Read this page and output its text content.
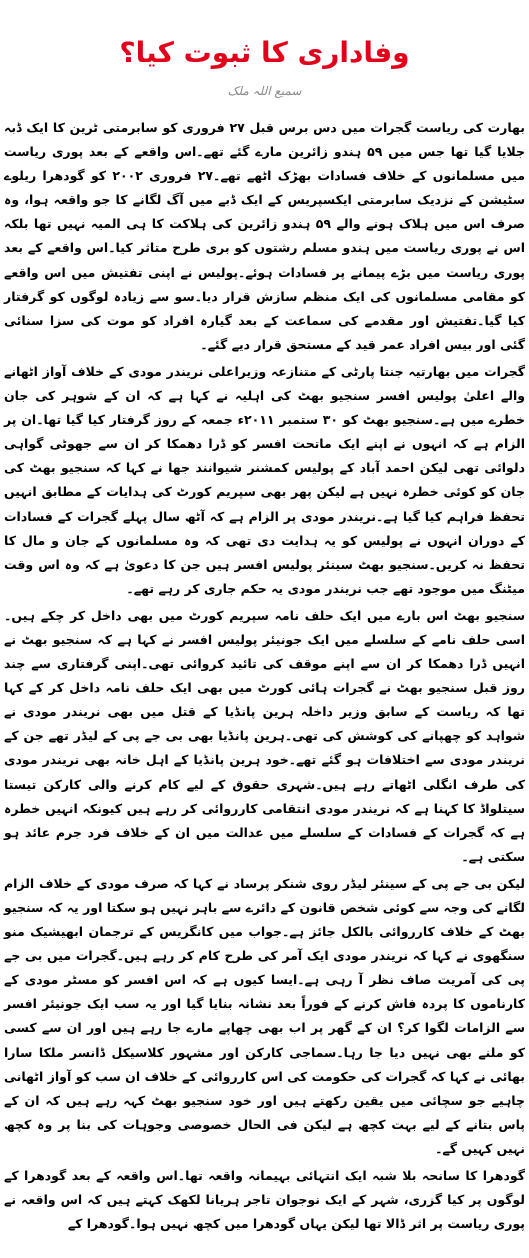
وفاداری کا ثبوت کیا؟
سمیع اللہ ملک

بھارت کی ریاست گجرات میں دس برس قبل ۲۷ فروری کو سابرمتی ٹرین کا ایک ڈبہ جلایا گیا تھا جس میں ۵۹ ہندو زائرین مارے گئے تھے۔اس واقعے کے بعد پوری ریاست میں مسلمانوں کے خلاف فسادات بھڑک اٹھے تھے۔۲۷ فروری ۲۰۰۲ کو گودھرا ریلوے سٹیشن کے نزدیک سابرمتی ایکسپریس کے ایک ڈبے میں آگ لگانے کا جو واقعہ ہوا، وہ صرف اس میں ہلاک ہونے والے ۵۹ ہندو زائرین کی ہلاکت کا ہی المیہ نہیں تھا بلکہ اس نے پوری ریاست میں ہندو مسلم رشتوں کو بری طرح متاثر کیا۔اس واقعے کے بعد پوری ریاست میں بڑے پیمانے پر فسادات ہوئے۔پولیس نے اپنی تفتیش میں اس واقعے کو مقامی مسلمانوں کی ایک منظم سازش قرار دیا۔سو سے زیادہ لوگوں کو گرفتار کیا گیا۔تفتیش اور مقدمے کی سماعت کے بعد گیارہ افراد کو موت کی سزا سنائی گئی اور بیس افراد عمر قید کے مستحق قرار دیے گئے۔

گجرات میں بھارتیہ جنتا پارٹی کے متنازعہ وزیراعلی نریندر مودی کے خلاف آواز اٹھانے والے اعلیٰ پولیس افسر سنجیو بھٹ کی اہلیہ نے کہا ہے کہ ان کے شوہر کی جان خطرے میں ہے۔سنجیو بھٹ کو ۳۰ ستمبر ۲۰۱۱ء جمعہ کے روز گرفتار کیا گیا تھا۔ان پر الزام ہے کہ انہوں نے اپنے ایک ماتحت افسر کو ڈرا دھمکا کر ان سے جھوٹی گواہی دلوائی تھی لیکن احمد آباد کے پولیس کمشنر شیوانند جھا نے کہا کہ سنجیو بھٹ کی جان کو کوئی خطرہ نہیں ہے لیکن پھر بھی سپریم کورٹ کی ہدایات کے مطابق انہیں تحفظ فراہم کیا گیا ہے۔نریندر مودی پر الزام ہے کہ آٹھ سال پہلے گجرات کے فسادات کے دوران انہوں نے پولیس کو یہ ہدایت دی تھی کہ وہ مسلمانوں کے جان و مال کا تحفظ نہ کریں۔سنجیو بھٹ سینئر پولیس افسر ہیں جن کا دعویٰ ہے کہ وہ اس وقت میٹنگ میں موجود تھے جب نریندر مودی یہ حکم جاری کر رہے تھے۔

سنجیو بھٹ اس بارے میں ایک حلف نامہ سپریم کورٹ میں بھی داخل کر چکے ہیں۔اسی حلف نامے کے سلسلے میں ایک جونیئر پولیس افسر نے کہا ہے کہ سنجیو بھٹ نے انہیں ڈرا دھمکا کر ان سے اپنے موقف کی تائید کروائی تھی۔اپنی گرفتاری سے چند روز قبل سنجیو بھٹ نے گجرات ہائی کورٹ میں بھی ایک حلف نامہ داخل کر کے کہا تھا کہ ریاست کے سابق وزیر داخلہ ہرین پانڈیا کے قتل میں بھی نریندر مودی نے شواہد کو چھپانے کی کوشش کی تھی۔ہرین پانڈیا بھی بی جے پی کے لیڈر تھے جن کے نریندر مودی سے اختلافات ہو گئے تھے۔خود ہرین پانڈیا کے اہل خانہ بھی نریندر مودی کی طرف انگلی اٹھاتے رہے ہیں۔شہری حقوق کے لیے کام کرنے والی کارکن تیستا سیتلواڈ کا کہنا ہے کہ نریندر مودی انتقامی کارروائی کر رہے ہیں کیونکہ انہیں خطرہ ہے کہ گجرات کے فسادات کے سلسلے میں عدالت میں ان کے خلاف فرد جرم عائد ہو سکتی ہے۔

لیکن بی جے پی کے سینئر لیڈر روی شنکر پرساد نے کہا کہ صرف مودی کے خلاف الزام لگانے کی وجہ سے کوئی شخص قانون کے دائرے سے باہر نہیں ہو سکتا اور یہ کہ سنجیو بھٹ کے خلاف کارروائی بالکل جائز ہے۔جواب میں کانگریس کے ترجمان ابھیشیک منو سنگھوی نے کہا کہ نریندر مودی ایک آمر کی طرح کام کر رہے ہیں۔گجرات میں بی جے پی کی آمریت صاف نظر آ رہی ہے۔ایسا کیوں ہے کہ اس افسر کو مسٹر مودی کے کارناموں کا پردہ فاش کرنے کے فوراً بعد نشانہ بنایا گیا اور یہ سب ایک جونیئر افسر سے الزامات لگوا کر؟ ان کے گھر پر اب بھی چھاپے مارے جا رہے ہیں اور ان سے کسی کو ملنے بھی نہیں دیا جا رہا۔سماجی کارکن اور مشہور کلاسیکل ڈانسر ملکا سارا بھائی نے کہا کہ گجرات کی حکومت کی اس کارروائی کے خلاف ان سب کو آواز اٹھانی چاہیے جو سچائی میں یقین رکھتے ہیں اور خود سنجیو بھٹ کہہ رہے ہیں کہ ان کے پاس بتانے کے لیے بہت کچھ ہے لیکن فی الحال خصوصی وجوہات کی بنا پر وہ کچھ نہیں کہیں گے۔

گودھرا کا سانحہ بلا شبہ ایک انتہائی بہیمانہ واقعہ تھا۔اس واقعہ کے بعد گودھرا کے لوگوں پر کیا گزری، شہر کے ایک نوجوان تاجر ہریانا لکھک کہتے ہیں کہ اس واقعہ نے پوری ریاست پر اثر ڈالا تھا لیکن یہاں گودھرا میں کچھ نہیں ہوا۔گودھرا کے
